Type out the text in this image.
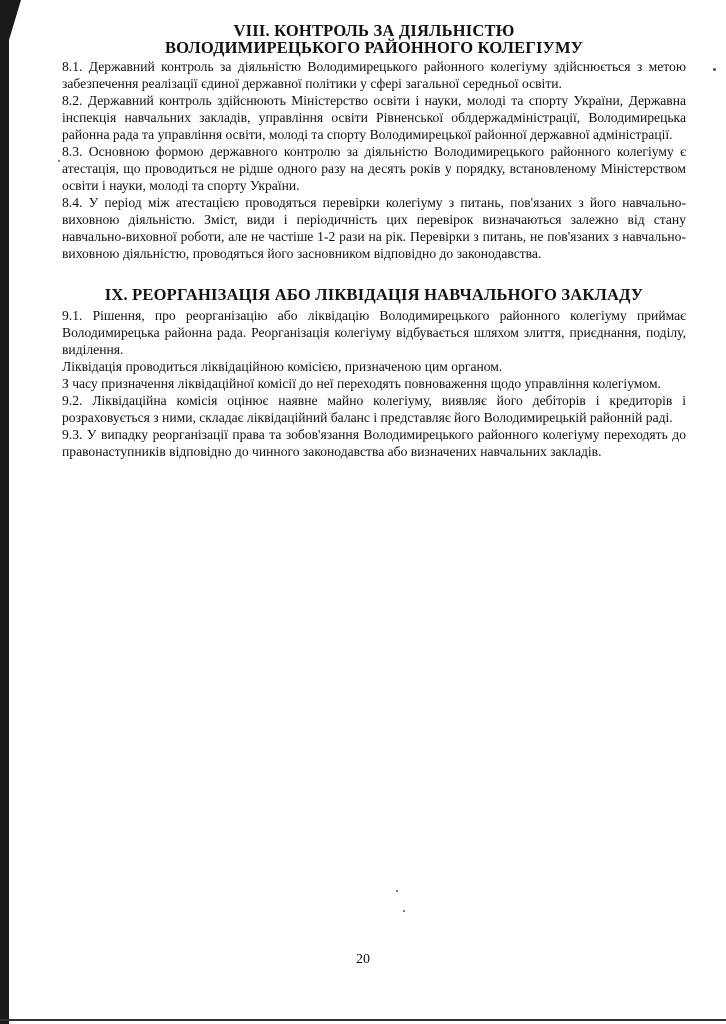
VIII. КОНТРОЛЬ ЗА ДІЯЛЬНІСТЮ
ВОЛОДИМИРЕЦЬКОГО РАЙОННОГО КОЛЕГІУМУ

8.1. Державний контроль за діяльністю Володимирецького районного колегіуму здійснюється з метою забезпечення реалізації єдиної державної політики у сфері загальної середньої освіти.

8.2. Державний контроль здійснюють Міністерство освіти і науки, молоді та спорту України, Державна інспекція навчальних закладів, управління освіти Рівненської облдержадміністрації, Володимирецька районна рада та управління освіти, молоді та спорту Володимирецької районної державної адміністрації.

8.3. Основною формою державного контролю за діяльністю Володимирецького районного колегіуму є атестація, що проводиться не рідше одного разу на десять років у порядку, встановленому Міністерством освіти і науки, молоді та спорту України.

8.4. У період між атестацією проводяться перевірки колегіуму з питань, пов'язаних з його навчально-виховною діяльністю. Зміст, види і періодичність цих перевірок визначаються залежно від стану навчально-виховної роботи, але не частіше 1-2 рази на рік. Перевірки з питань, не пов'язаних з навчально-виховною діяльністю, проводяться його засновником відповідно до законодавства.

IX. РЕОРГАНІЗАЦІЯ АБО ЛІКВІДАЦІЯ НАВЧАЛЬНОГО ЗАКЛАДУ

9.1. Рішення, про реорганізацію або ліквідацію Володимирецького районного колегіуму приймає Володимирецька районна рада. Реорганізація колегіуму відбувається шляхом злиття, приєднання, поділу, виділення.

Ліквідація проводиться ліквідаційною комісією, призначеною цим органом.

З часу призначення ліквідаційної комісії до неї переходять повноваження щодо управління колегіумом.

9.2. Ліквідаційна комісія оцінює наявне майно колегіуму, виявляє його дебіторів і кредиторів і розраховується з ними, складає ліквідаційний баланс і представляє його Володимирецькій районній раді.

9.3. У випадку реорганізації права та зобов'язання Володимирецького районного колегіуму переходять до правонаступників відповідно до чинного законодавства або визначених навчальних закладів.

20
